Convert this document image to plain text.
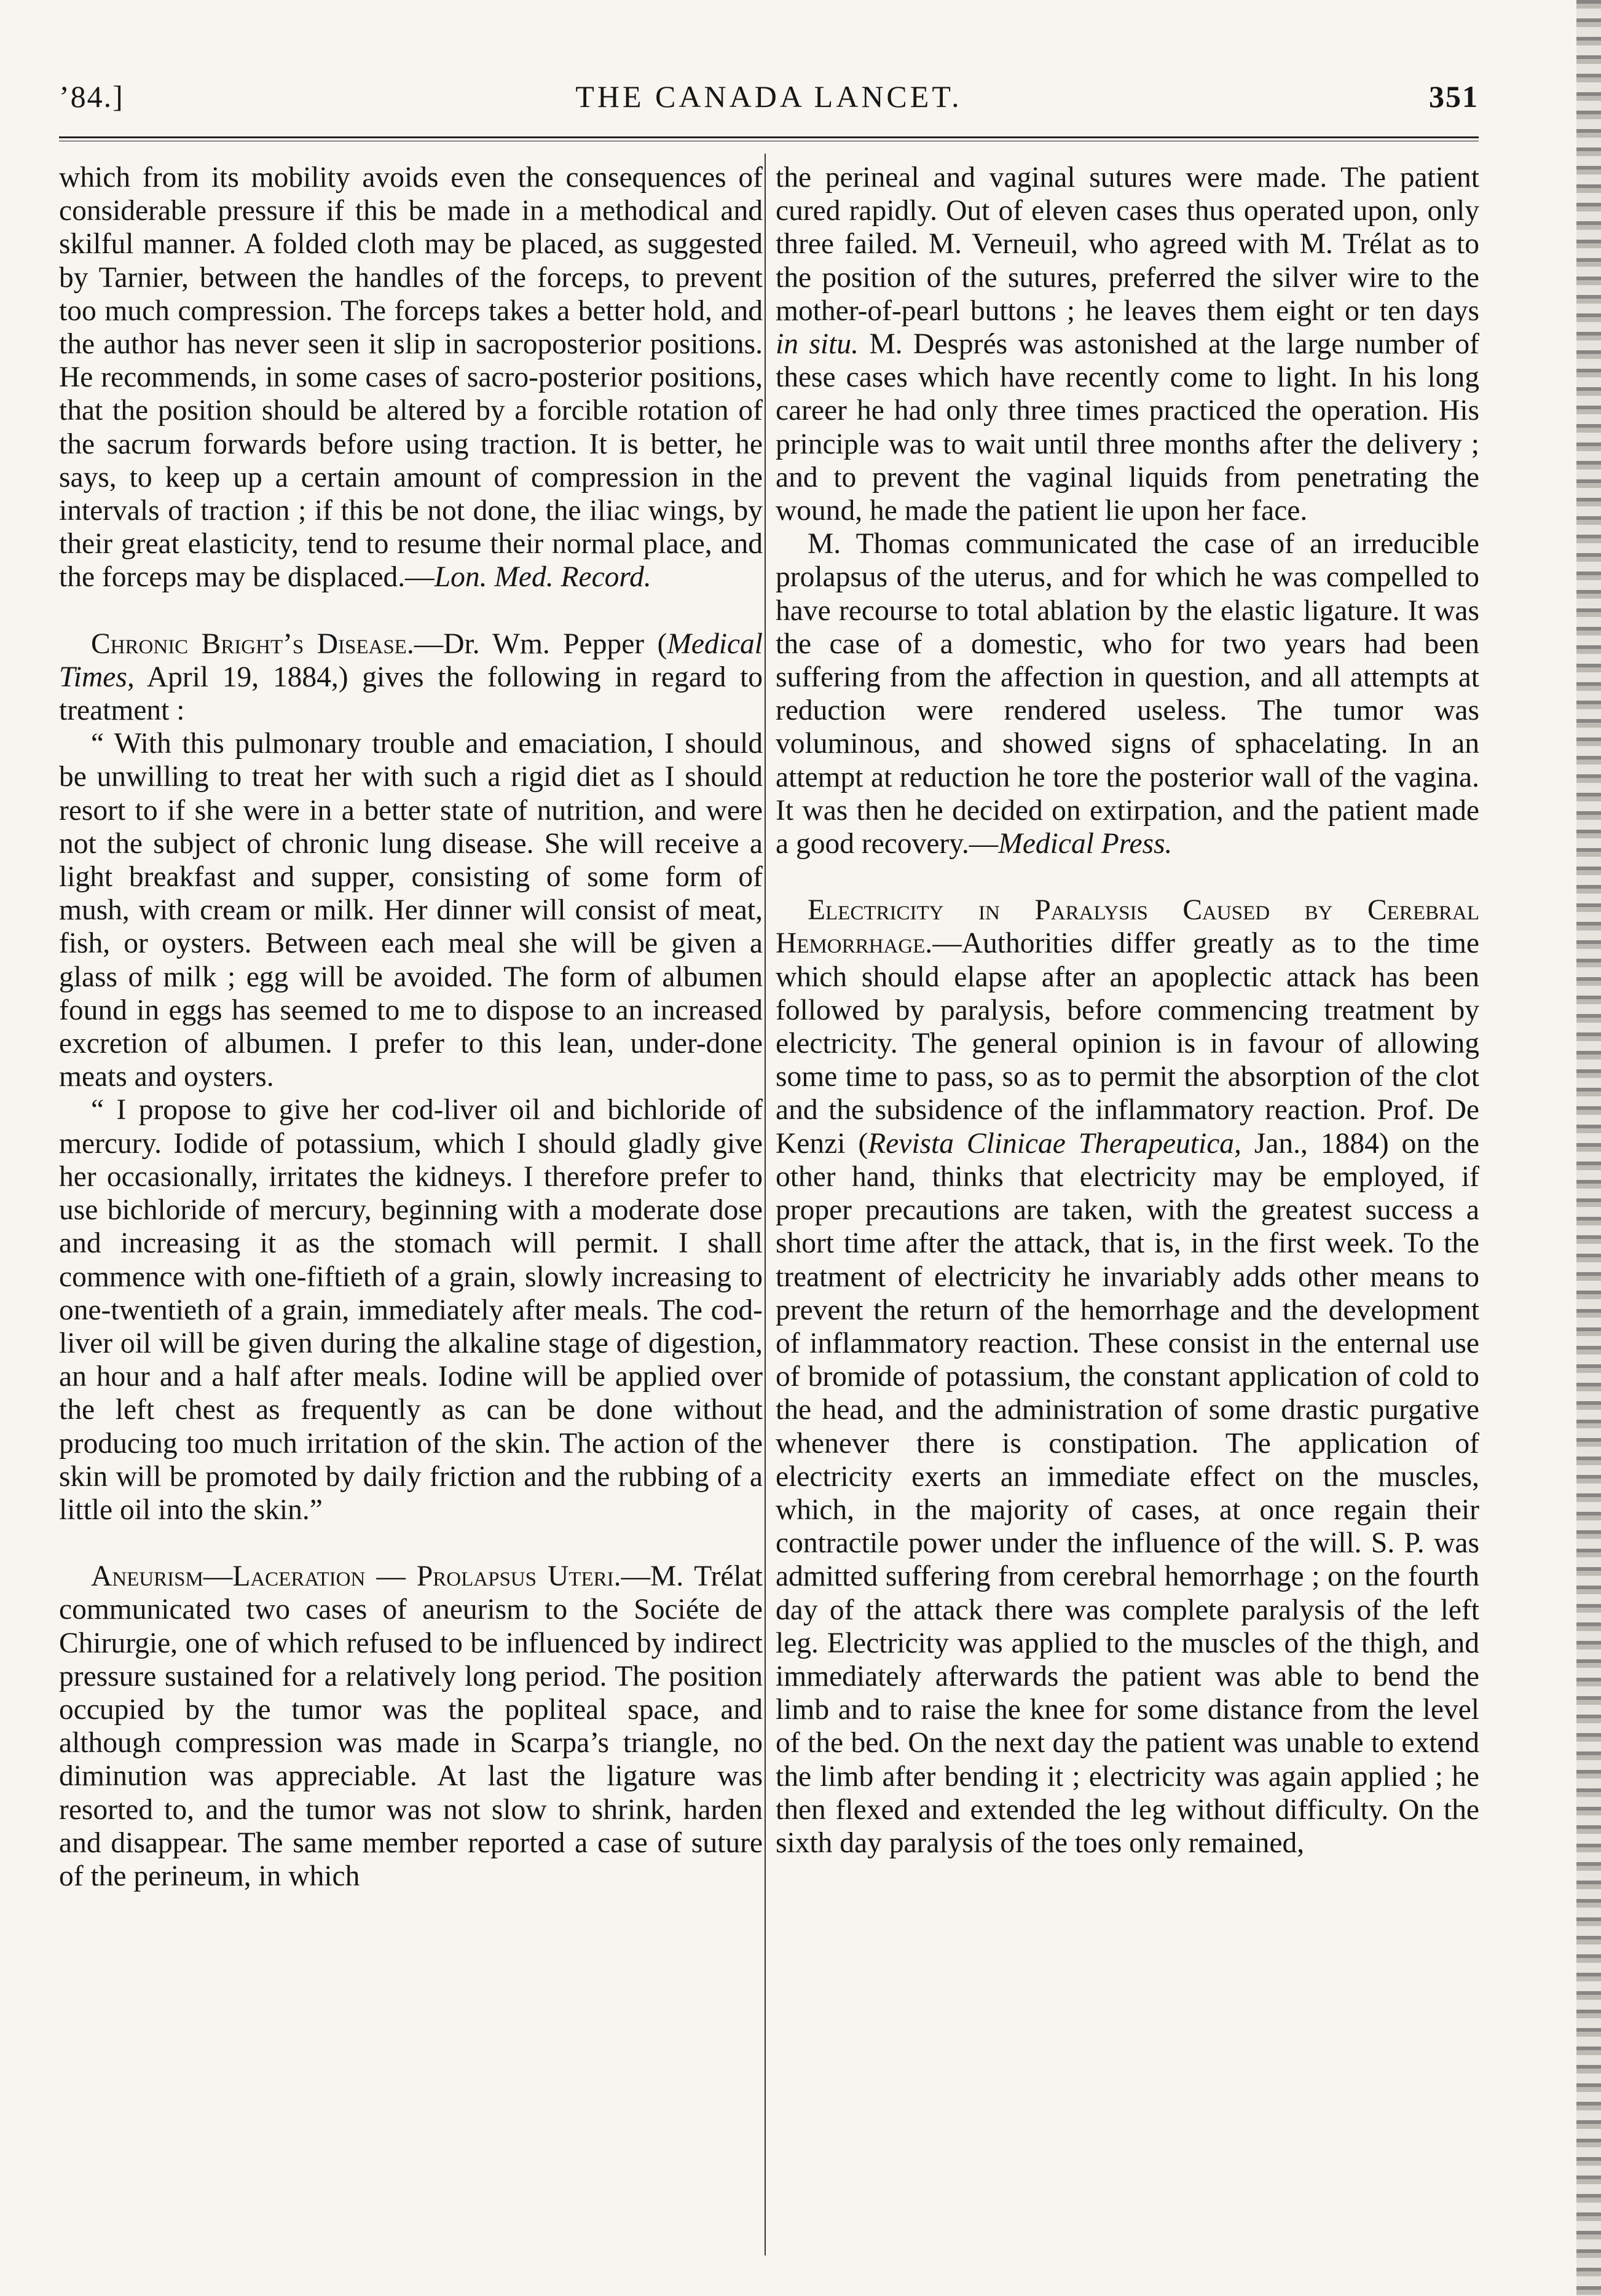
’84.]	THE CANADA LANCET.	351

which from its mobility avoids even the consequences of considerable pressure if this be made in a methodical and skilful manner. A folded cloth may be placed, as suggested by Tarnier, between the handles of the forceps, to prevent too much compression. The forceps takes a better hold, and the author has never seen it slip in sacroposterior positions. He recommends, in some cases of sacro-posterior positions, that the position should be altered by a forcible rotation of the sacrum forwards before using traction. It is better, he says, to keep up a certain amount of compression in the intervals of traction ; if this be not done, the iliac wings, by their great elasticity, tend to resume their normal place, and the forceps may be displaced.—Lon. Med. Record.

Chronic Bright’s Disease.—Dr. Wm. Pepper (Medical Times, April 19, 1884,) gives the following in regard to treatment :

“ With this pulmonary trouble and emaciation, I should be unwilling to treat her with such a rigid diet as I should resort to if she were in a better state of nutrition, and were not the subject of chronic lung disease. She will receive a light breakfast and supper, consisting of some form of mush, with cream or milk. Her dinner will consist of meat, fish, or oysters. Between each meal she will be given a glass of milk ; egg will be avoided. The form of albumen found in eggs has seemed to me to dispose to an increased excretion of albumen. I prefer to this lean, under-done meats and oysters.

“ I propose to give her cod-liver oil and bichloride of mercury. Iodide of potassium, which I should gladly give her occasionally, irritates the kidneys. I therefore prefer to use bichloride of mercury, beginning with a moderate dose and increasing it as the stomach will permit. I shall commence with one-fiftieth of a grain, slowly increasing to one-twentieth of a grain, immediately after meals. The cod-liver oil will be given during the alkaline stage of digestion, an hour and a half after meals. Iodine will be applied over the left chest as frequently as can be done without producing too much irritation of the skin. The action of the skin will be promoted by daily friction and the rubbing of a little oil into the skin.”

Aneurism—Laceration — Prolapsus Uteri.—M. Trélat communicated two cases of aneurism to the Sociéte de Chirurgie, one of which refused to be influenced by indirect pressure sustained for a relatively long period. The position occupied by the tumor was the popliteal space, and although compression was made in Scarpa’s triangle, no diminution was appreciable. At last the ligature was resorted to, and the tumor was not slow to shrink, harden and disappear. The same member reported a case of suture of the perineum, in which

the perineal and vaginal sutures were made. The patient cured rapidly. Out of eleven cases thus operated upon, only three failed. M. Verneuil, who agreed with M. Trélat as to the position of the sutures, preferred the silver wire to the mother-of-pearl buttons ; he leaves them eight or ten days in situ. M. Després was astonished at the large number of these cases which have recently come to light. In his long career he had only three times practiced the operation. His principle was to wait until three months after the delivery ; and to prevent the vaginal liquids from penetrating the wound, he made the patient lie upon her face.

M. Thomas communicated the case of an irreducible prolapsus of the uterus, and for which he was compelled to have recourse to total ablation by the elastic ligature. It was the case of a domestic, who for two years had been suffering from the affection in question, and all attempts at reduction were rendered useless. The tumor was voluminous, and showed signs of sphacelating. In an attempt at reduction he tore the posterior wall of the vagina. It was then he decided on extirpation, and the patient made a good recovery.—Medical Press.

Electricity in Paralysis Caused by Cerebral Hemorrhage.—Authorities differ greatly as to the time which should elapse after an apoplectic attack has been followed by paralysis, before commencing treatment by electricity. The general opinion is in favour of allowing some time to pass, so as to permit the absorption of the clot and the subsidence of the inflammatory reaction. Prof. De Kenzi (Revista Clinicae Therapeutica, Jan., 1884) on the other hand, thinks that electricity may be employed, if proper precautions are taken, with the greatest success a short time after the attack, that is, in the first week. To the treatment of electricity he invariably adds other means to prevent the return of the hemorrhage and the development of inflammatory reaction. These consist in the enternal use of bromide of potassium, the constant application of cold to the head, and the administration of some drastic purgative whenever there is constipation. The application of electricity exerts an immediate effect on the muscles, which, in the majority of cases, at once regain their contractile power under the influence of the will. S. P. was admitted suffering from cerebral hemorrhage ; on the fourth day of the attack there was complete paralysis of the left leg. Electricity was applied to the muscles of the thigh, and immediately afterwards the patient was able to bend the limb and to raise the knee for some distance from the level of the bed. On the next day the patient was unable to extend the limb after bending it ; electricity was again applied ; he then flexed and extended the leg without difficulty. On the sixth day paralysis of the toes only remained,
